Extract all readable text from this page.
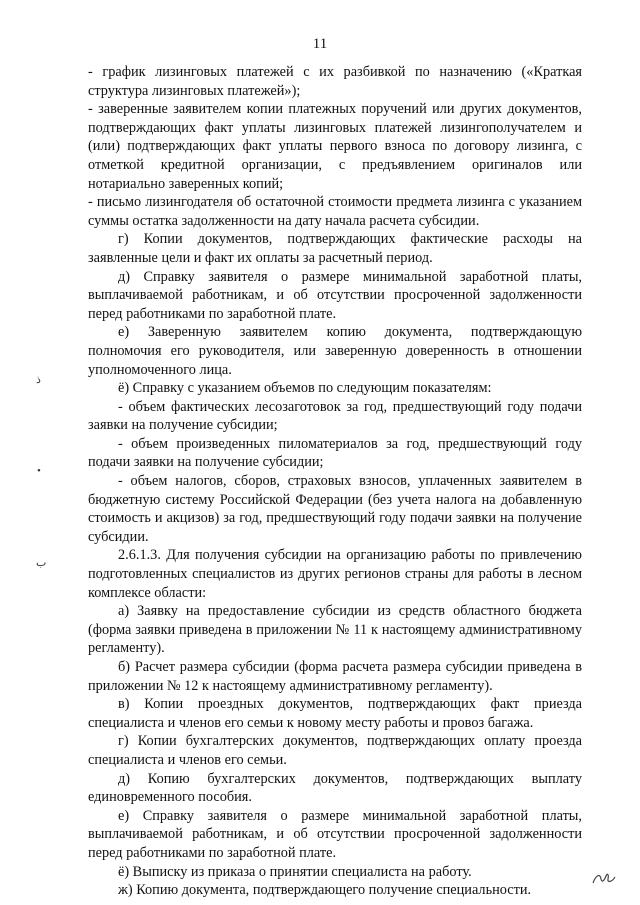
11

- график лизинговых платежей с их разбивкой по назначению («Краткая структура лизинговых платежей»);

- заверенные заявителем копии платежных поручений или других документов, подтверждающих факт уплаты лизинговых платежей лизингополучателем и (или) подтверждающих факт уплаты первого взноса по договору лизинга, с отметкой кредитной организации, с предъявлением оригиналов или нотариально заверенных копий;

- письмо лизингодателя об остаточной стоимости предмета лизинга с указанием суммы остатка задолженности на дату начала расчета субсидии.

г) Копии документов, подтверждающих фактические расходы на заявленные цели и факт их оплаты за расчетный период.

д) Справку заявителя о размере минимальной заработной платы, выплачиваемой работникам, и об отсутствии просроченной задолженности перед работниками по заработной плате.

е) Заверенную заявителем копию документа, подтверждающую полномочия его руководителя, или заверенную доверенность в отношении уполномоченного лица.

ё) Справку с указанием объемов по следующим показателям:

- объем фактических лесозаготовок за год, предшествующий году подачи заявки на получение субсидии;

- объем произведенных пиломатериалов за год, предшествующий году подачи заявки на получение субсидии;

- объем налогов, сборов, страховых взносов, уплаченных заявителем в бюджетную систему Российской Федерации (без учета налога на добавленную стоимость и акцизов) за год, предшествующий году подачи заявки на получение субсидии.

2.6.1.3. Для получения субсидии на организацию работы по привлечению подготовленных специалистов из других регионов страны для работы в лесном комплексе области:

а) Заявку на предоставление субсидии из средств областного бюджета (форма заявки приведена в приложении № 11 к настоящему административному регламенту).

б) Расчет размера субсидии (форма расчета размера субсидии приведена в приложении № 12 к настоящему административному регламенту).

в) Копии проездных документов, подтверждающих факт приезда специалиста и членов его семьи к новому месту работы и провоз багажа.

г) Копии бухгалтерских документов, подтверждающих оплату проезда специалиста и членов его семьи.

д) Копию бухгалтерских документов, подтверждающих выплату единовременного пособия.

е) Справку заявителя о размере минимальной заработной платы, выплачиваемой работникам, и об отсутствии просроченной задолженности перед работниками по заработной плате.

ё) Выписку из приказа о принятии специалиста на работу.

ж) Копию документа, подтверждающего получение специальности.

ذ
•
ب
